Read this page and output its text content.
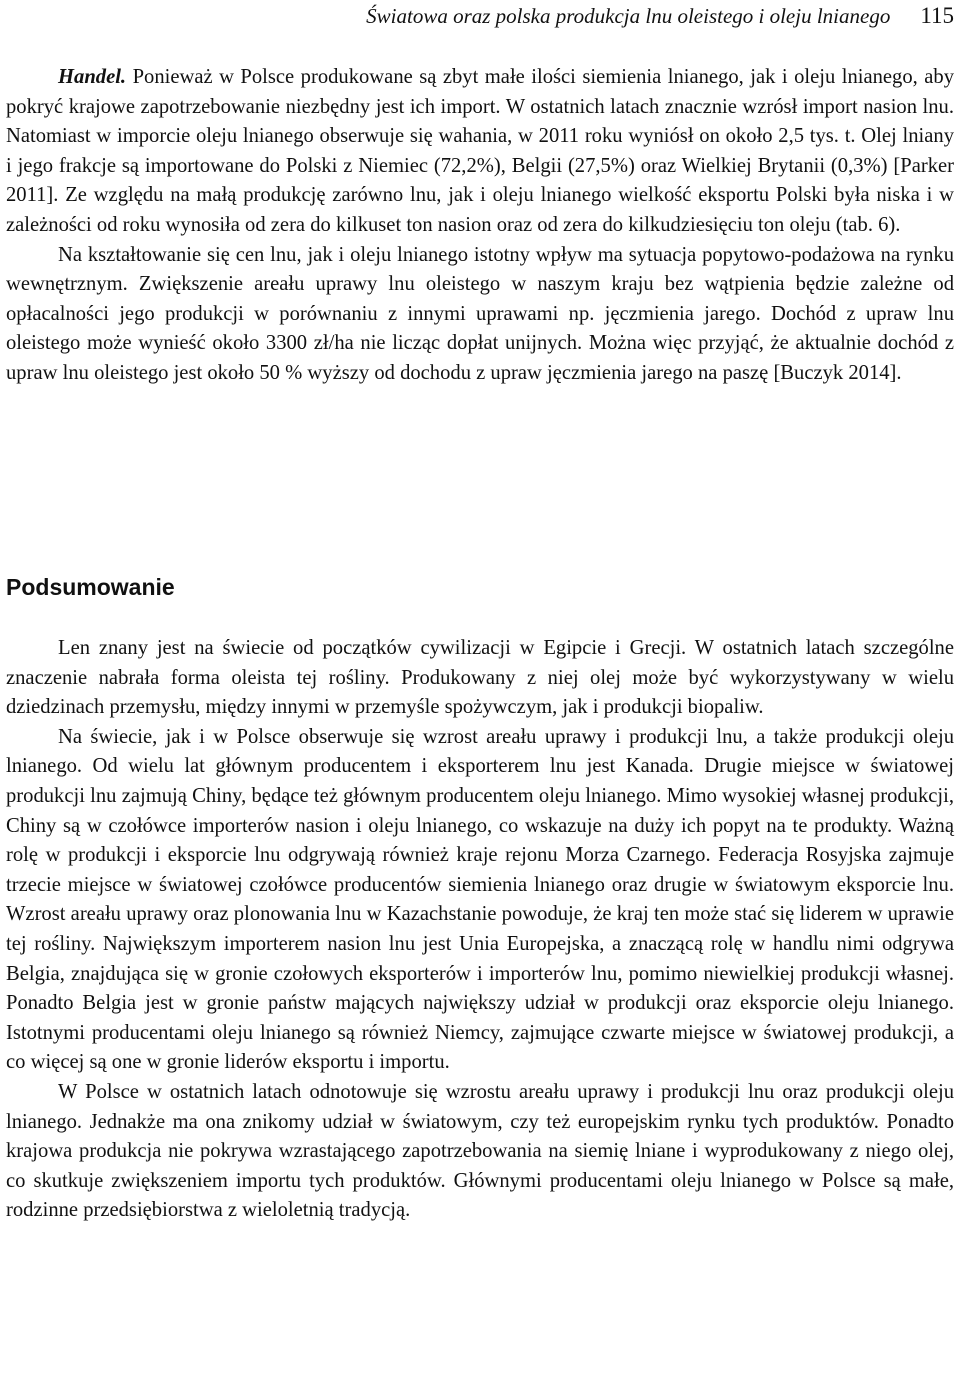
Światowa oraz polska produkcja lnu oleistego i oleju lnianego 115

Handel. Ponieważ w Polsce produkowane są zbyt małe ilości siemienia lnianego, jak i oleju lnianego, aby pokryć krajowe zapotrzebowanie niezbędny jest ich import. W ostatnich latach znacznie wzrósł import nasion lnu. Natomiast w imporcie oleju lnianego obserwuje się wahania, w 2011 roku wyniósł on około 2,5 tys. t. Olej lniany i jego frakcje są importowane do Polski z Niemiec (72,2%), Belgii (27,5%) oraz Wielkiej Brytanii (0,3%) [Parker 2011]. Ze względu na małą produkcję zarówno lnu, jak i oleju lnianego wielkość eksportu Polski była niska i w zależności od roku wynosiła od zera do kilkuset ton nasion oraz od zera do kilkudziesięciu ton oleju (tab. 6).

Na kształtowanie się cen lnu, jak i oleju lnianego istotny wpływ ma sytuacja popytowo-podażowa na rynku wewnętrznym. Zwiększenie areału uprawy lnu oleistego w naszym kraju bez wątpienia będzie zależne od opłacalności jego produkcji w porównaniu z innymi uprawami np. jęczmienia jarego. Dochód z upraw lnu oleistego może wynieść około 3300 zł/ha nie licząc dopłat unijnych. Można więc przyjąć, że aktualnie dochód z upraw lnu oleistego jest około 50 % wyższy od dochodu z upraw jęczmienia jarego na paszę [Buczyk 2014].

Podsumowanie

Len znany jest na świecie od początków cywilizacji w Egipcie i Grecji. W ostatnich latach szczególne znaczenie nabrała forma oleista tej rośliny. Produkowany z niej olej może być wykorzystywany w wielu dziedzinach przemysłu, między innymi w przemyśle spożywczym, jak i produkcji biopaliw.

Na świecie, jak i w Polsce obserwuje się wzrost areału uprawy i produkcji lnu, a także produkcji oleju lnianego. Od wielu lat głównym producentem i eksporterem lnu jest Kanada. Drugie miejsce w światowej produkcji lnu zajmują Chiny, będące też głównym producentem oleju lnianego. Mimo wysokiej własnej produkcji, Chiny są w czołówce importerów nasion i oleju lnianego, co wskazuje na duży ich popyt na te produkty. Ważną rolę w produkcji i eksporcie lnu odgrywają również kraje rejonu Morza Czarnego. Federacja Rosyjska zajmuje trzecie miejsce w światowej czołówce producentów siemienia lnianego oraz drugie w światowym eksporcie lnu. Wzrost areału uprawy oraz plonowania lnu w Kazachstanie powoduje, że kraj ten może stać się liderem w uprawie tej rośliny. Największym importerem nasion lnu jest Unia Europejska, a znaczącą rolę w handlu nimi odgrywa Belgia, znajdująca się w gronie czołowych eksporterów i importerów lnu, pomimo niewielkiej produkcji własnej. Ponadto Belgia jest w gronie państw mających największy udział w produkcji oraz eksporcie oleju lnianego. Istotnymi producentami oleju lnianego są również Niemcy, zajmujące czwarte miejsce w światowej produkcji, a co więcej są one w gronie liderów eksportu i importu.

W Polsce w ostatnich latach odnotowuje się wzrostu areału uprawy i produkcji lnu oraz produkcji oleju lnianego. Jednakże ma ona znikomy udział w światowym, czy też europejskim rynku tych produktów. Ponadto krajowa produkcja nie pokrywa wzrastającego zapotrzebowania na siemię lniane i wyprodukowany z niego olej, co skutkuje zwiększeniem importu tych produktów. Głównymi producentami oleju lnianego w Polsce są małe, rodzinne przedsiębiorstwa z wieloletnią tradycją.
